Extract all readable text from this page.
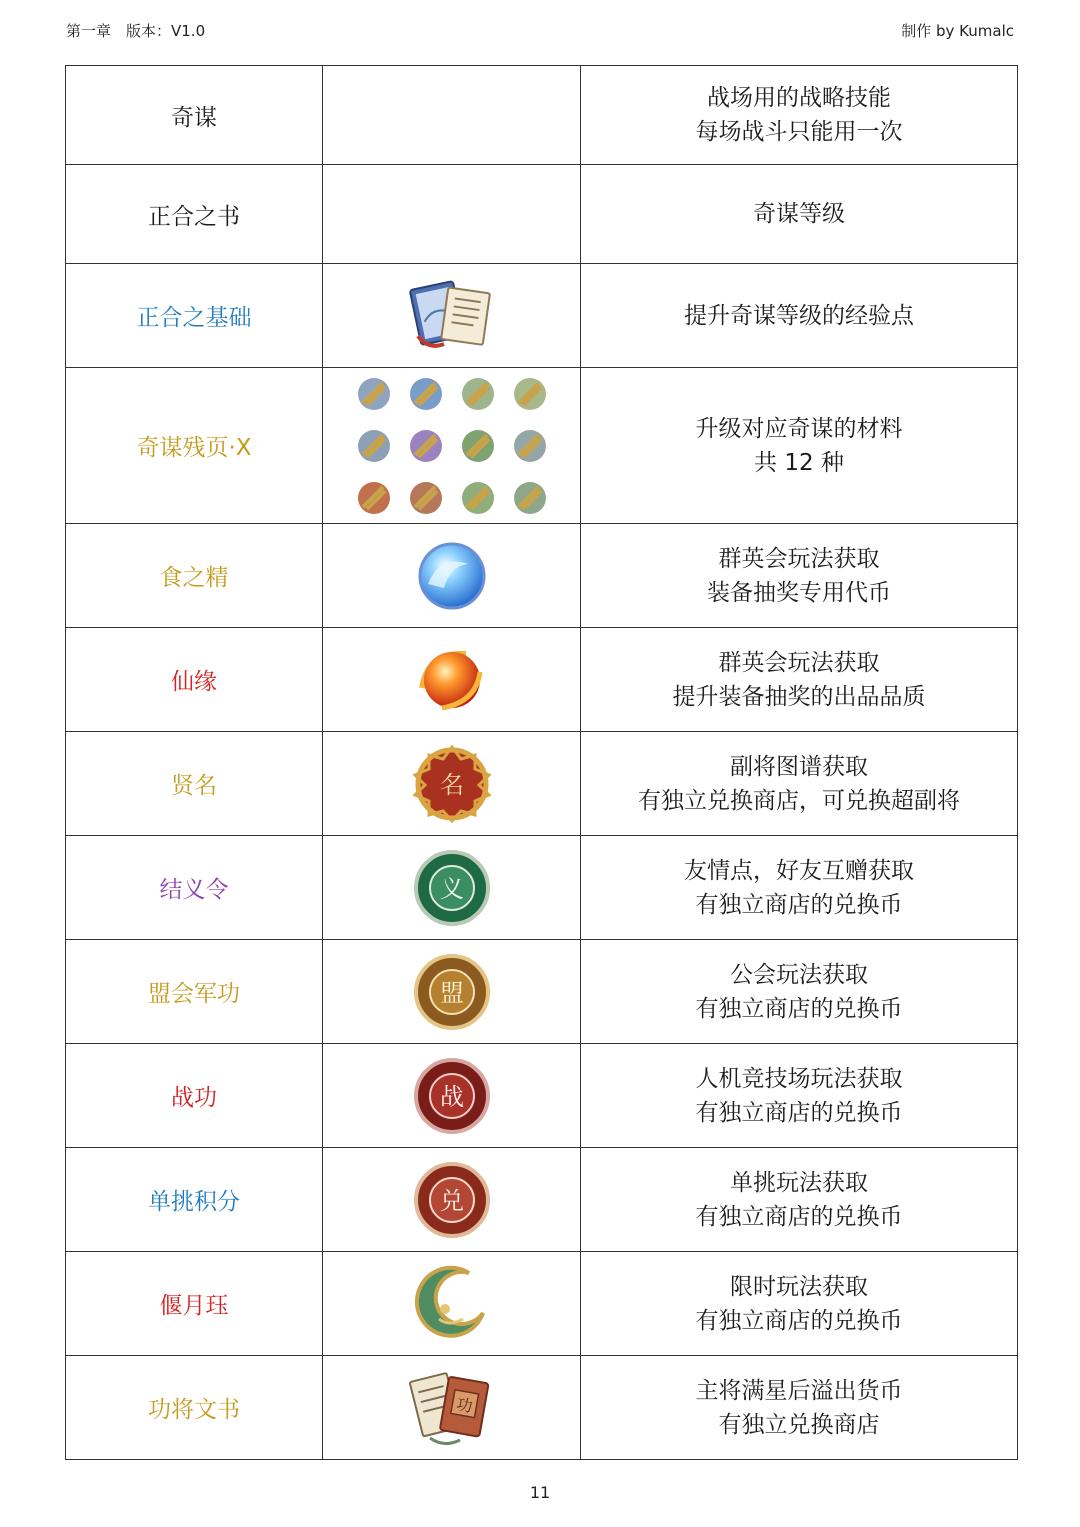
第一章　版本：V1.0	制作 by Kumalc
奇谋		战场用的战略技能
每场战斗只能用一次

正合之书		奇谋等级

正合之基础		提升奇谋等级的经验点

奇谋残页·X		升级对应奇谋的材料
共 12 种

食之精		群英会玩法获取
装备抽奖专用代币

仙缘		群英会玩法获取
提升装备抽奖的出品品质

贤名	名	副将图谱获取
有独立兑换商店，可兑换超副将

结义令	义	友情点，好友互赠获取
有独立商店的兑换币

盟会军功	盟	公会玩法获取
有独立商店的兑换币

战功	战	人机竞技场玩法获取
有独立商店的兑换币

单挑积分	兑	单挑玩法获取
有独立商店的兑换币

偃月珏		限时玩法获取
有独立商店的兑换币

功将文书	功	主将满星后溢出货币
有独立兑换商店
11
